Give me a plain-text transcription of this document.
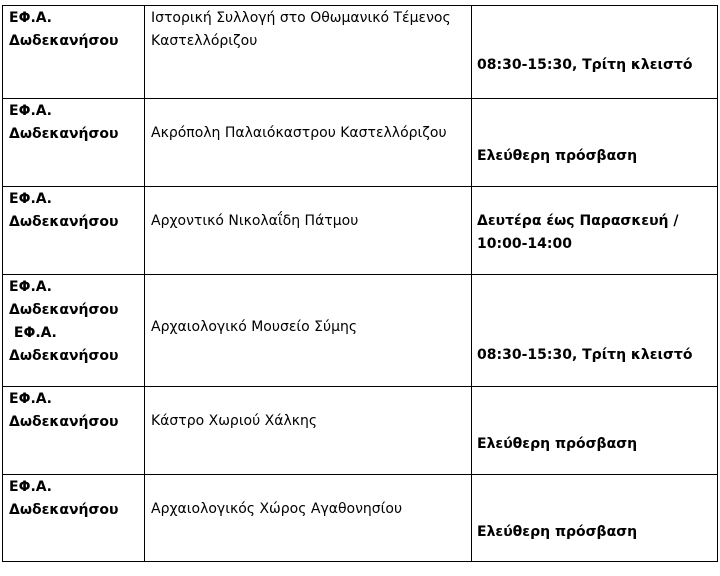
ΕΦ.Α.
Δωδεκανήσου	Ιστορική Συλλογή στο Οθωμανικό Τέμενος Καστελλόριζου	08:30-15:30, Τρίτη κλειστό

ΕΦ.Α.
Δωδεκανήσου	Ακρόπολη Παλαιόκαστρου Καστελλόριζου	Ελεύθερη πρόσβαση

ΕΦ.Α.
Δωδεκανήσου	Αρχοντικό Νικολαΐδη Πάτμου	Δευτέρα έως Παρασκευή / 10:00-14:00

ΕΦ.Α.
Δωδεκανήσου
ΕΦ.Α.
Δωδεκανήσου	Αρχαιολογικό Μουσείο Σύμης	08:30-15:30, Τρίτη κλειστό

ΕΦ.Α.
Δωδεκανήσου	Κάστρο Χωριού Χάλκης	Ελεύθερη πρόσβαση

ΕΦ.Α.
Δωδεκανήσου	Αρχαιολογικός Χώρος Αγαθονησίου	Ελεύθερη πρόσβαση
